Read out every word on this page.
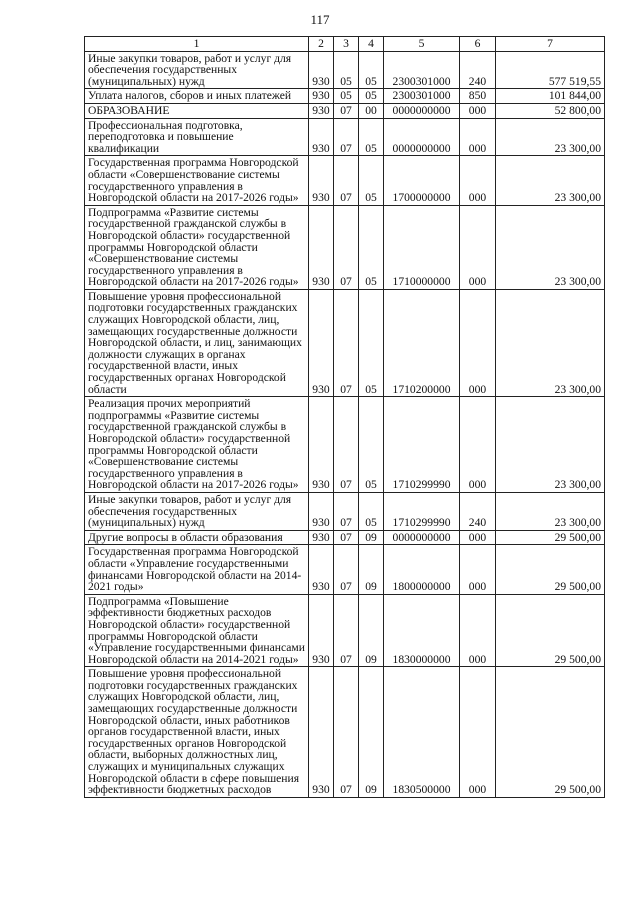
117
1	2	3	4	5	6	7
Иные закупки товаров, работ и услуг для обеспечения государственных (муниципальных) нужд	930	05	05	2300301000	240	577 519,55
Уплата налогов, сборов и иных платежей	930	05	05	2300301000	850	101 844,00
ОБРАЗОВАНИЕ	930	07	00	0000000000	000	52 800,00
Профессиональная подготовка, переподготовка и повышение квалификации	930	07	05	0000000000	000	23 300,00
Государственная программа Новгородской области «Совершенствование системы государственного управления в Новгородской области на 2017-2026 годы»	930	07	05	1700000000	000	23 300,00
Подпрограмма «Развитие системы государственной гражданской службы в Новгородской области» государственной программы Новгородской области «Совершенствование системы государственного управления в Новгородской области на 2017-2026 годы»	930	07	05	1710000000	000	23 300,00
Повышение уровня профессиональной подготовки государственных гражданских служащих Новгородской области, лиц, замещающих государственные должности Новгородской области, и лиц, занимающих должности служащих в органах государственной власти, иных государственных органах Новгородской области	930	07	05	1710200000	000	23 300,00
Реализация прочих мероприятий подпрограммы «Развитие системы государственной гражданской службы в Новгородской области» государственной программы Новгородской области «Совершенствование системы государственного управления в Новгородской области на 2017-2026 годы»	930	07	05	1710299990	000	23 300,00
Иные закупки товаров, работ и услуг для обеспечения государственных (муниципальных) нужд	930	07	05	1710299990	240	23 300,00
Другие вопросы в области образования	930	07	09	0000000000	000	29 500,00
Государственная программа Новгородской области «Управление государственными финансами Новгородской области на 2014-2021 годы»	930	07	09	1800000000	000	29 500,00
Подпрограмма «Повышение эффективности бюджетных расходов Новгородской области» государственной программы Новгородской области «Управление государственными финансами Новгородской области на 2014-2021 годы»	930	07	09	1830000000	000	29 500,00
Повышение уровня профессиональной подготовки государственных гражданских служащих Новгородской области, лиц, замещающих государственные должности Новгородской области, иных работников органов государственной власти, иных государственных органов Новгородской области, выборных должностных лиц, служащих и муниципальных служащих Новгородской области в сфере повышения эффективности бюджетных расходов	930	07	09	1830500000	000	29 500,00
